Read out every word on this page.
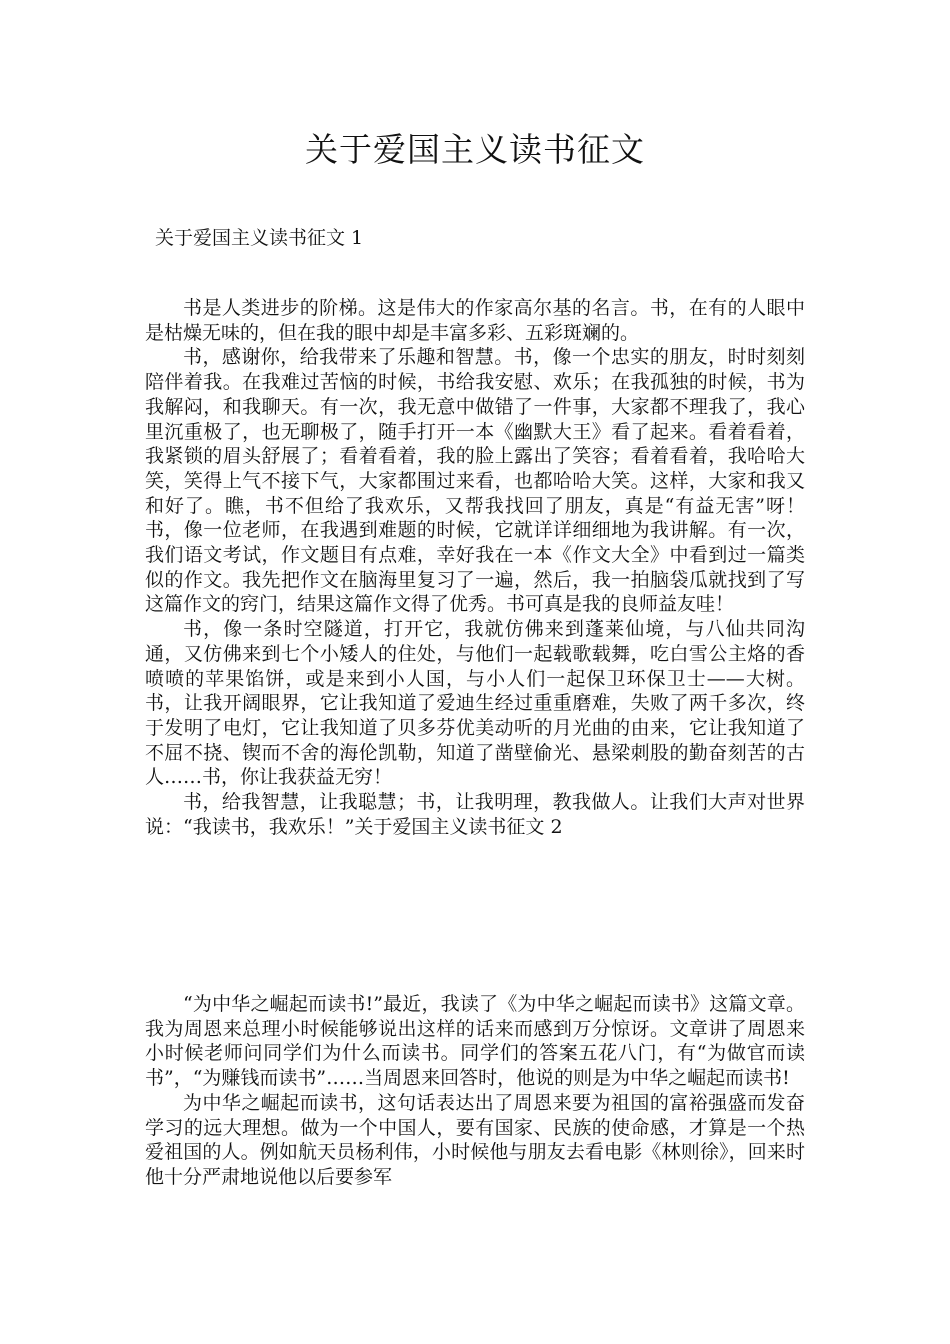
关于爱国主义读书征文
关于爱国主义读书征文 1

书是人类进步的阶梯。这是伟大的作家高尔基的名言。书，在有的人眼中是枯燥无味的，但在我的眼中却是丰富多彩、五彩斑斓的。

书，感谢你，给我带来了乐趣和智慧。书，像一个忠实的朋友，时时刻刻陪伴着我。在我难过苦恼的时候，书给我安慰、欢乐；在我孤独的时候，书为我解闷，和我聊天。有一次，我无意中做错了一件事，大家都不理我了，我心里沉重极了，也无聊极了，随手打开一本《幽默大王》看了起来。看着看着，我紧锁的眉头舒展了；看着看着，我的脸上露出了笑容；看着看着，我哈哈大笑，笑得上气不接下气，大家都围过来看，也都哈哈大笑。这样，大家和我又和好了。瞧，书不但给了我欢乐，又帮我找回了朋友，真是“有益无害”呀！书，像一位老师，在我遇到难题的时候，它就详详细细地为我讲解。有一次，我们语文考试，作文题目有点难，幸好我在一本《作文大全》中看到过一篇类似的作文。我先把作文在脑海里复习了一遍，然后，我一拍脑袋瓜就找到了写这篇作文的窍门，结果这篇作文得了优秀。书可真是我的良师益友哇！

书，像一条时空隧道，打开它，我就仿佛来到蓬莱仙境，与八仙共同沟通，又仿佛来到七个小矮人的住处，与他们一起载歌载舞，吃白雪公主烙的香喷喷的苹果馅饼，或是来到小人国，与小人们一起保卫环保卫士——大树。书，让我开阔眼界，它让我知道了爱迪生经过重重磨难，失败了两千多次，终于发明了电灯，它让我知道了贝多芬优美动听的月光曲的由来，它让我知道了不屈不挠、锲而不舍的海伦凯勒，知道了凿壁偷光、悬梁刺股的勤奋刻苦的古人……书，你让我获益无穷！

书，给我智慧，让我聪慧；书，让我明理，教我做人。让我们大声对世界说：“我读书，我欢乐！”关于爱国主义读书征文 2

“为中华之崛起而读书!”最近，我读了《为中华之崛起而读书》这篇文章。我为周恩来总理小时候能够说出这样的话来而感到万分惊讶。文章讲了周恩来小时候老师问同学们为什么而读书。同学们的答案五花八门，有“为做官而读书”，“为赚钱而读书”……当周恩来回答时，他说的则是为中华之崛起而读书!

为中华之崛起而读书，这句话表达出了周恩来要为祖国的富裕强盛而发奋学习的远大理想。做为一个中国人，要有国家、民族的使命感，才算是一个热爱祖国的人。例如航天员杨利伟，小时候他与朋友去看电影《林则徐》，回来时他十分严肃地说他以后要参军
